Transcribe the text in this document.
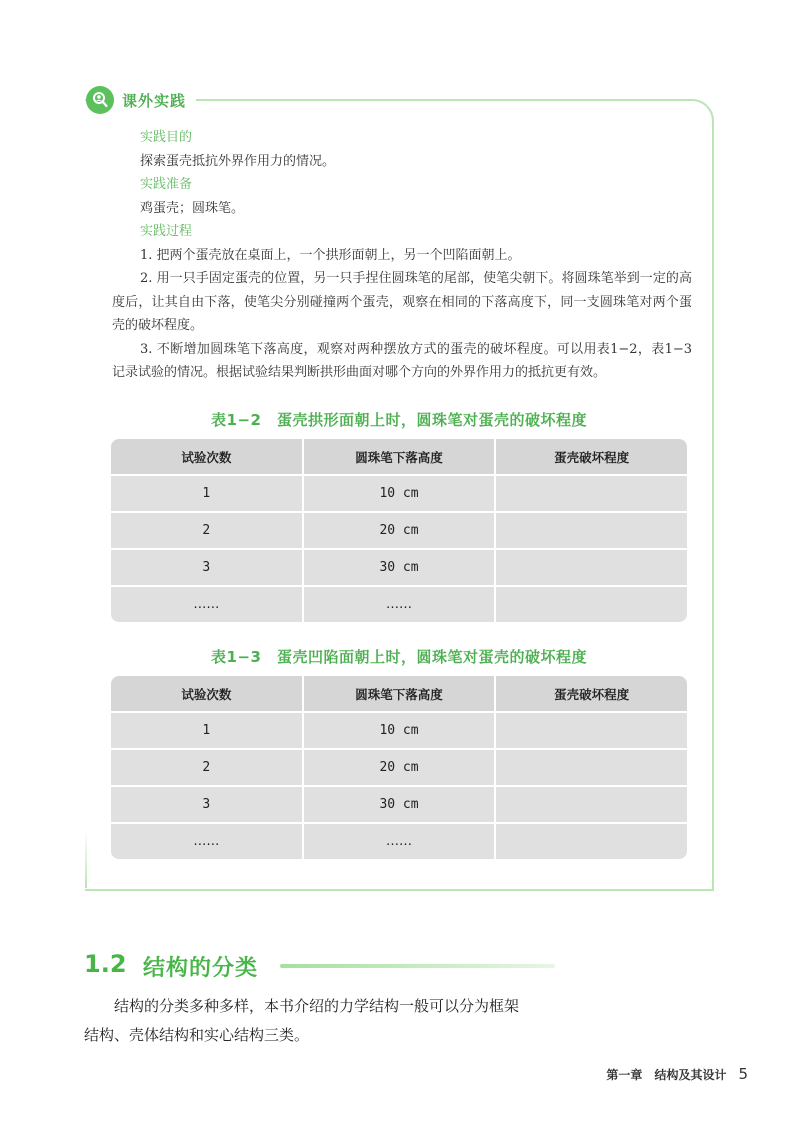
课外实践
实践目的
探索蛋壳抵抗外界作用力的情况。
实践准备
鸡蛋壳；圆珠笔。
实践过程
1. 把两个蛋壳放在桌面上，一个拱形面朝上，另一个凹陷面朝上。
2. 用一只手固定蛋壳的位置，另一只手捏住圆珠笔的尾部，使笔尖朝下。将圆珠笔举到一定的高度后，让其自由下落，使笔尖分别碰撞两个蛋壳，观察在相同的下落高度下，同一支圆珠笔对两个蛋壳的破坏程度。
3. 不断增加圆珠笔下落高度，观察对两种摆放方式的蛋壳的破坏程度。可以用表1−2，表1−3记录试验的情况。根据试验结果判断拱形曲面对哪个方向的外界作用力的抵抗更有效。
表1−2　蛋壳拱形面朝上时，圆珠笔对蛋壳的破坏程度
试验次数	圆珠笔下落高度	蛋壳破坏程度
1	10 cm
2	20 cm
3	30 cm
……	……
表1−3　蛋壳凹陷面朝上时，圆珠笔对蛋壳的破坏程度
试验次数	圆珠笔下落高度	蛋壳破坏程度
1	10 cm
2	20 cm
3	30 cm
……	……
1.2 结构的分类
结构的分类多种多样，本书介绍的力学结构一般可以分为框架
结构、壳体结构和实心结构三类。
第一章 结构及其设计 5
